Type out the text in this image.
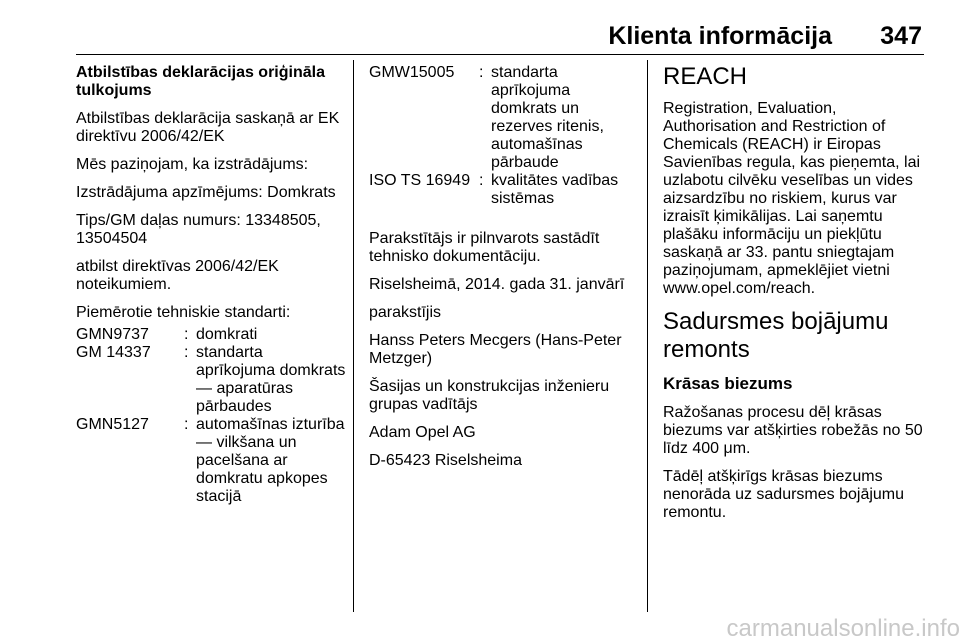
Klienta informācija 347

Atbilstības deklarācijas oriģināla tulkojums

Atbilstības deklarācija saskaņā ar EK direktīvu 2006/42/EK

Mēs paziņojam, ka izstrādājums:

Izstrādājuma apzīmējums: Domkrats

Tips/GM daļas numurs: 13348505, 13504504

atbilst direktīvas 2006/42/EK noteikumiem.

Piemērotie tehniskie standarti:

GMN9737	: domkrati
GM 14337	: standarta aprīkojuma domkrats — aparatūras pārbaudes
GMN5127	: automašīnas izturība — vilkšana un pacelšana ar domkratu apkopes stacijā
GMW15005	: standarta aprīkojuma domkrats un rezerves ritenis, automašīnas pārbaude
ISO TS 16949 : kvalitātes vadības sistēmas

Parakstītājs ir pilnvarots sastādīt tehnisko dokumentāciju.

Riselsheimā, 2014. gada 31. janvārī

parakstījis

Hanss Peters Mecgers (Hans-Peter Metzger)

Šasijas un konstrukcijas inženieru grupas vadītājs

Adam Opel AG

D-65423 Riselsheima

REACH

Registration, Evaluation, Authorisation and Restriction of Chemicals (REACH) ir Eiropas Savienības regula, kas pieņemta, lai uzlabotu cilvēku veselības un vides aizsardzību no riskiem, kurus var izraisīt ķimikālijas. Lai saņemtu plašāku informāciju un piekļūtu saskaņā ar 33. pantu sniegtajam paziņojumam, apmeklējiet vietni www.opel.com/reach.

Sadursmes bojājumu remonts

Krāsas biezums

Ražošanas procesu dēļ krāsas biezums var atšķirties robežās no 50 līdz 400 μm.

Tādēļ atšķirīgs krāsas biezums nenorāda uz sadursmes bojājumu remontu.

carmanualsonline.info
